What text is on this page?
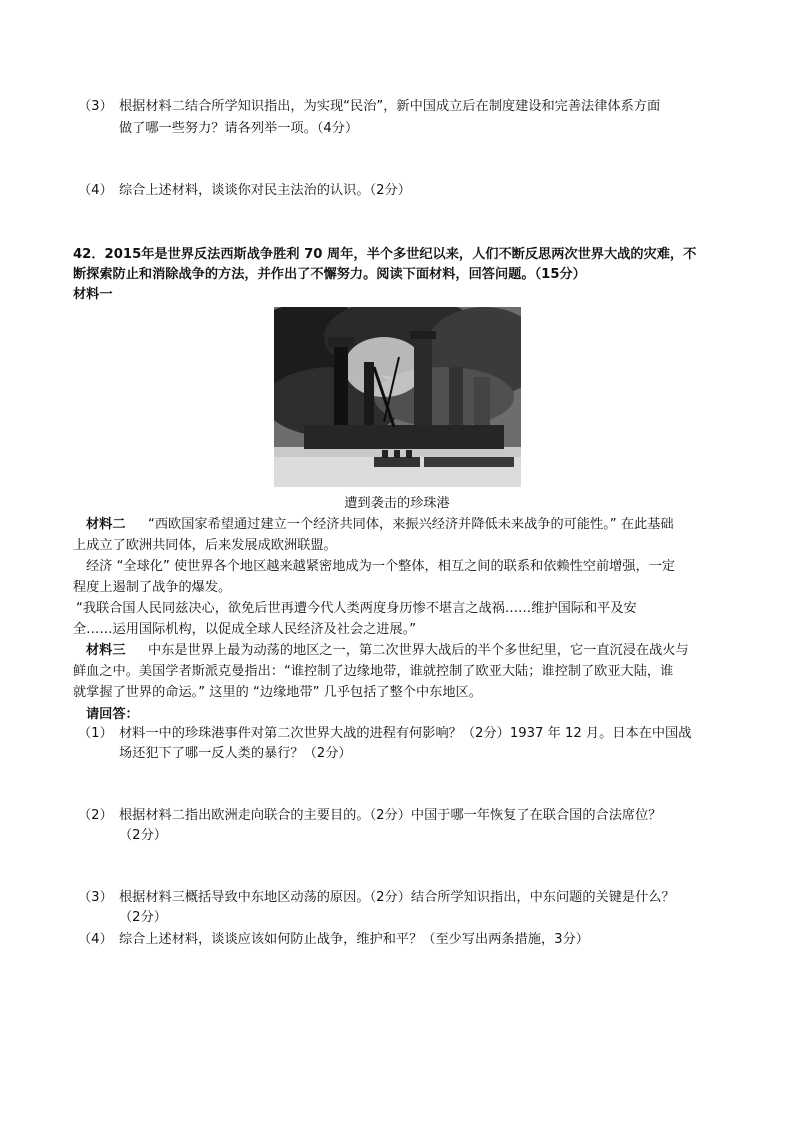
（3） 根据材料二结合所学知识指出，为实现“民治”，新中国成立后在制度建设和完善法律体系方面
做了哪一些努力？请各列举一项。（4分）
（4） 综合上述材料，谈谈你对民主法治的认识。（2分）
42．2015年是世界反法西斯战争胜利 70 周年，半个多世纪以来，人们不断反思两次世界大战的灾难，不
断探索防止和消除战争的方法，并作出了不懈努力。阅读下面材料，回答问题。（15分）
材料一
遭到袭击的珍珠港
材料二 “西欧国家希望通过建立一个经济共同体，来振兴经济并降低未来战争的可能性。” 在此基础
上成立了欧洲共同体，后来发展成欧洲联盟。
经济 “全球化” 使世界各个地区越来越紧密地成为一个整体，相互之间的联系和依赖性空前增强，一定
程度上遏制了战争的爆发。
“我联合国人民同兹决心，欲免后世再遭今代人类两度身历惨不堪言之战祸……维护国际和平及安
全……运用国际机构，以促成全球人民经济及社会之进展。”
材料三 中东是世界上最为动荡的地区之一，第二次世界大战后的半个多世纪里，它一直沉浸在战火与
鲜血之中。美国学者斯派克曼指出：“谁控制了边缘地带，谁就控制了欧亚大陆；谁控制了欧亚大陆，谁
就掌握了世界的命运。” 这里的 “边缘地带” 几乎包括了整个中东地区。
请回答：
（1） 材料一中的珍珠港事件对第二次世界大战的进程有何影响？（2分）1937 年 12 月。日本在中国战
场还犯下了哪一反人类的暴行？（2分）
（2） 根据材料二指出欧洲走向联合的主要目的。（2分）中国于哪一年恢复了在联合国的合法席位？
（2分）
（3） 根据材料三概括导致中东地区动荡的原因。（2分）结合所学知识指出，中东问题的关键是什么？
（2分）
（4） 综合上述材料，谈谈应该如何防止战争，维护和平？（至少写出两条措施，3分）
